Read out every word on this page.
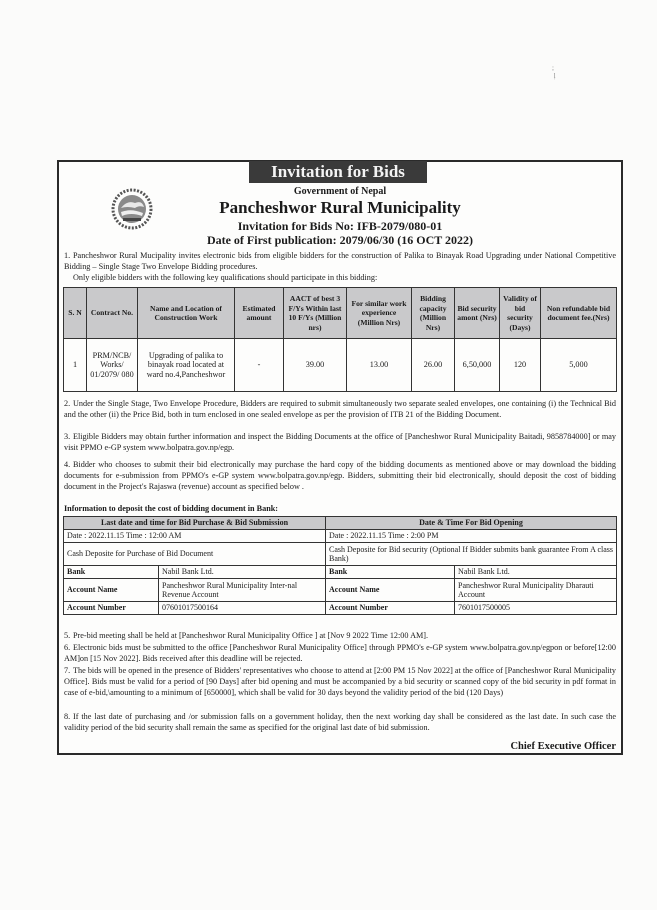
;
ḷ
Invitation for Bids
Government of Nepal
Pancheshwor Rural Municipality
Invitation for Bids No: IFB-2079/080-01
Date of First publication: 2079/06/30 (16 OCT 2022)
1. Pancheshwor Rural Mucipality invites electronic bids from eligible bidders for the construction of Palika to Binayak Road Upgrading under National Competitive Bidding – Single Stage Two Envelope Bidding procedures.
Only eligible bidders with the following key qualifications should participate in this bidding:
S. N	Contract No.	Name and Location of Construction Work	Estimated amount	AACT of best 3 F/Ys Within last 10 F/Ys (Million nrs)	For similar work experience (Million Nrs)	Bidding capacity (Million Nrs)	Bid security amont (Nrs)	Validity of bid security (Days)	Non refundable bid document fee.(Nrs)
1	PRM/NCB/ Works/ 01/2079/ 080	Upgrading of palika to binayak road located at ward no.4,Pancheshwor	-	39.00	13.00	26.00	6,50,000	120	5,000
2. Under the Single Stage, Two Envelope Procedure, Bidders are required to submit simultaneously two separate sealed envelopes, one containing (i) the Technical Bid and the other (ii) the Price Bid, both in turn enclosed in one sealed envelope as per the provision of ITB 21 of the Bidding Document.
3. Eligible Bidders may obtain further information and inspect the Bidding Documents at the office of [Pancheshwor Rural Municipality Baitadi, 9858784000] or may visit PPMO e-GP system www.bolpatra.gov.np/egp.
4. Bidder who chooses to submit their bid electronically may purchase the hard copy of the bidding documents as mentioned above or may download the bidding documents for e-submission from PPMO's e-GP system www.bolpatra.gov.np/egp. Bidders, submitting their bid electronically, should deposit the cost of bidding document in the Project's Rajaswa (revenue) account as specified below .
Information to deposit the cost of bidding document in Bank:
Last date and time for Bid Purchase & Bid Submission		Date & Time For Bid Opening	
Date : 2022.11.15 Time : 12:00 AM		Date : 2022.11.15 Time : 2:00 PM	
Cash Deposite for Purchase of Bid Document		Cash Deposite for Bid security (Optional If Bidder submits bank guarantee From A class Bank)	
Bank	Nabil Bank Ltd.	Bank	Nabil Bank Ltd.
Account Name	Pancheshwor Rural Municipality Inter-nal Revenue Account	Account Name	Pancheshwor Rural Municipality Dharauti Account
Account Number	07601017500164	Account Number	7601017500005
5. Pre-bid meeting shall be held at [Pancheshwor Rural Municipality Office ] at [Nov 9 2022 Time 12:00 AM].
6. Electronic bids must be submitted to the office [Pancheshwor Rural Municipality Office] through PPMO's e-GP system www.bolpatra.gov.np/egpon or before[12:00 AM]on [15 Nov 2022]. Bids received after this deadline will be rejected.
7. The bids will be opened in the presence of Bidders' representatives who choose to attend at [2:00 PM 15 Nov 2022] at the office of [Pancheshwor Rural Municipality Office]. Bids must be valid for a period of [90 Days] after bid opening and must be accompanied by a bid security or scanned copy of the bid security in pdf format in case of e-bid,\amounting to a minimum of [650000], which shall be valid for 30 days beyond the validity period of the bid (120 Days)
8. If the last date of purchasing and /or submission falls on a government holiday, then the next working day shall be considered as the last date. In such case the validity period of the bid security shall remain the same as specified for the original last date of bid submission.
Chief Executive Officer
